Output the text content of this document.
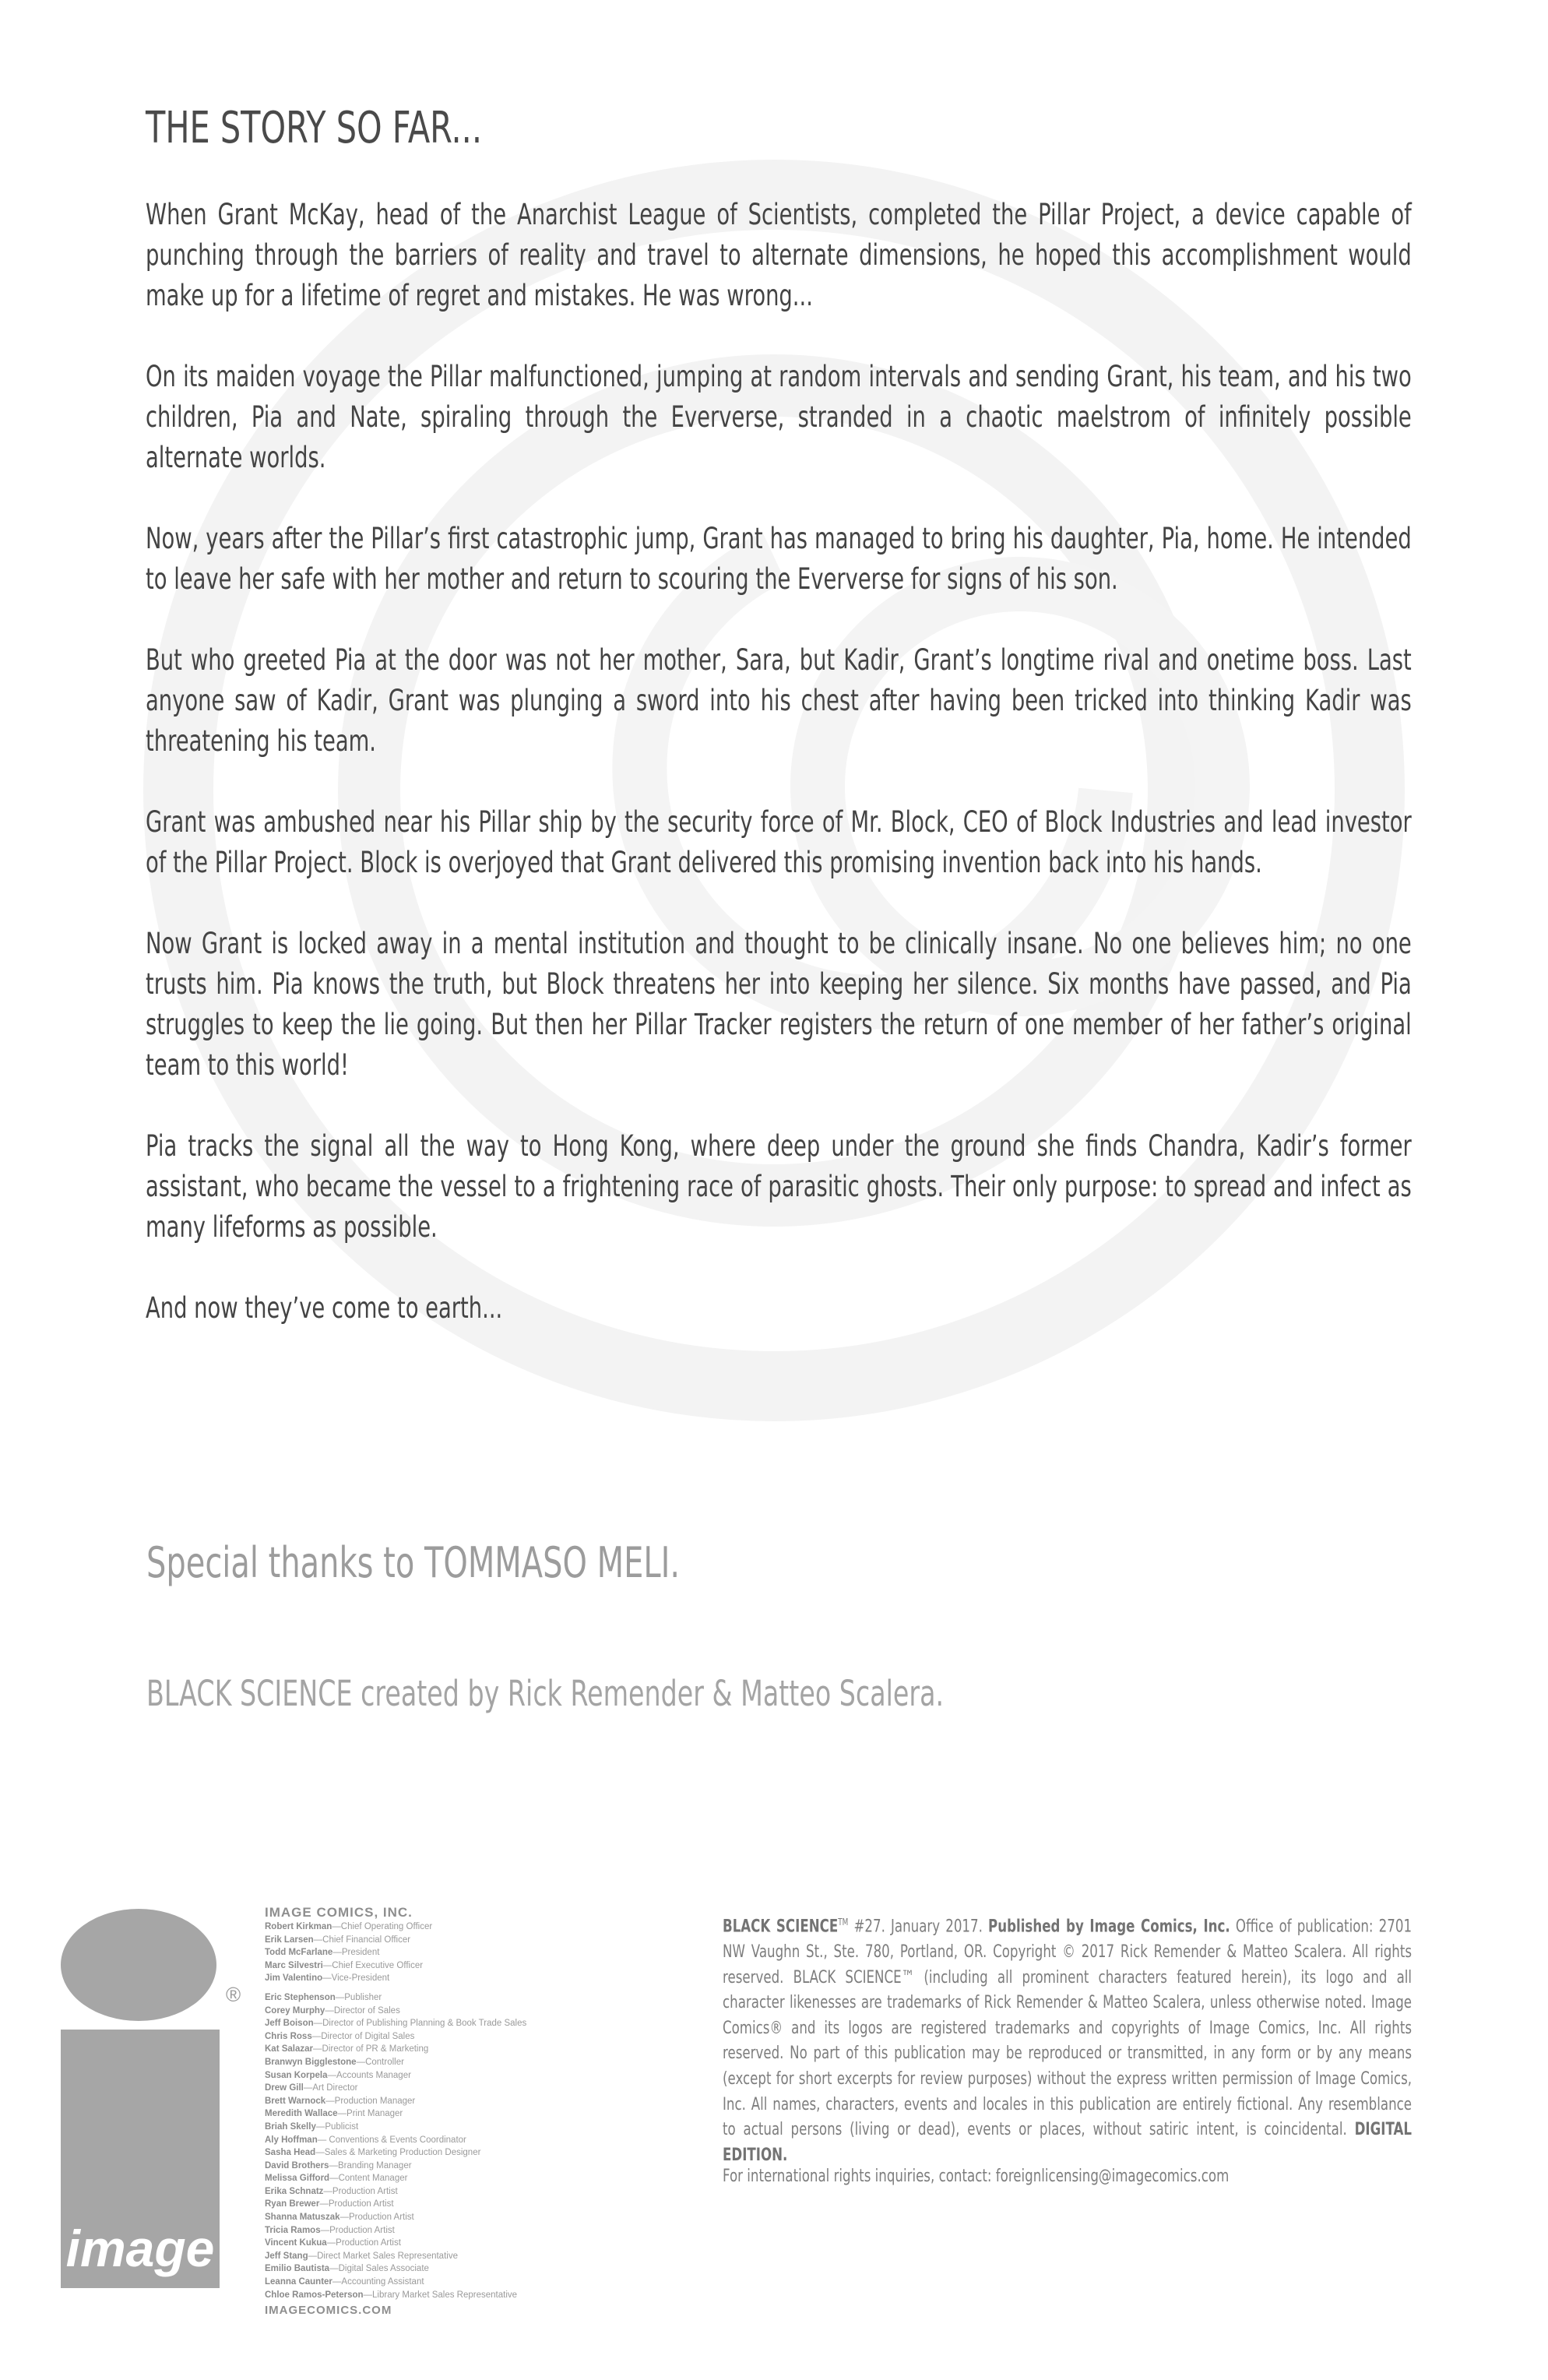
THE STORY SO FAR...

When Grant McKay, head of the Anarchist League of Scientists, completed the Pillar Project, a device capable of punching through the barriers of reality and travel to alternate dimensions, he hoped this accomplishment would make up for a lifetime of regret and mistakes. He was wrong...

On its maiden voyage the Pillar malfunctioned, jumping at random intervals and sending Grant, his team, and his two children, Pia and Nate, spiraling through the Eververse, stranded in a chaotic maelstrom of infinitely possible alternate worlds.

Now, years after the Pillar’s first catastrophic jump, Grant has managed to bring his daughter, Pia, home. He intended to leave her safe with her mother and return to scouring the Eververse for signs of his son.

But who greeted Pia at the door was not her mother, Sara, but Kadir, Grant’s longtime rival and onetime boss. Last anyone saw of Kadir, Grant was plunging a sword into his chest after having been tricked into thinking Kadir was threatening his team.

Grant was ambushed near his Pillar ship by the security force of Mr. Block, CEO of Block Industries and lead investor of the Pillar Project. Block is overjoyed that Grant delivered this promising invention back into his hands.

Now Grant is locked away in a mental institution and thought to be clinically insane. No one believes him; no one trusts him. Pia knows the truth, but Block threatens her into keeping her silence. Six months have passed, and Pia struggles to keep the lie going. But then her Pillar Tracker registers the return of one member of her father’s original team to this world!

Pia tracks the signal all the way to Hong Kong, where deep under the ground she finds Chandra, Kadir’s former assistant, who became the vessel to a frightening race of parasitic ghosts. Their only purpose: to spread and infect as many lifeforms as possible.

And now they’ve come to earth...

Special thanks to TOMMASO MELI.
BLACK SCIENCE created by Rick Remender & Matteo Scalera.
®
image
IMAGE COMICS, INC.
Robert Kirkman—Chief Operating Officer
Erik Larsen—Chief Financial Officer
Todd McFarlane—President
Marc Silvestri—Chief Executive Officer
Jim Valentino—Vice-President
Eric Stephenson—Publisher
Corey Murphy—Director of Sales
Jeff Boison—Director of Publishing Planning & Book Trade Sales
Chris Ross—Director of Digital Sales
Kat Salazar—Director of PR & Marketing
Branwyn Bigglestone—Controller
Susan Korpela—Accounts Manager
Drew Gill—Art Director
Brett Warnock—Production Manager
Meredith Wallace—Print Manager
Briah Skelly—Publicist
Aly Hoffman— Conventions & Events Coordinator
Sasha Head—Sales & Marketing Production Designer
David Brothers—Branding Manager
Melissa Gifford—Content Manager
Erika Schnatz—Production Artist
Ryan Brewer—Production Artist
Shanna Matuszak—Production Artist
Tricia Ramos—Production Artist
Vincent Kukua—Production Artist
Jeff Stang—Direct Market Sales Representative
Emilio Bautista—Digital Sales Associate
Leanna Caunter—Accounting Assistant
Chloe Ramos-Peterson—Library Market Sales Representative
IMAGECOMICS.COM
BLACK SCIENCE™ #27. January 2017. Published by Image Comics, Inc. Office of publication: 2701 NW Vaughn St., Ste. 780, Portland, OR. Copyright © 2017 Rick Remender & Matteo Scalera. All rights reserved. BLACK SCIENCE™ (including all prominent characters featured herein), its logo and all character likenesses are trademarks of Rick Remender & Matteo Scalera, unless otherwise noted. Image Comics® and its logos are registered trademarks and copyrights of Image Comics, Inc. All rights reserved. No part of this publication may be reproduced or transmitted, in any form or by any means (except for short excerpts for review purposes) without the express written permission of Image Comics, Inc. All names, characters, events and locales in this publication are entirely fictional. Any resemblance to actual persons (living or dead), events or places, without satiric intent, is coincidental. DIGITAL EDITION.
For international rights inquiries, contact: foreignlicensing@imagecomics.com
